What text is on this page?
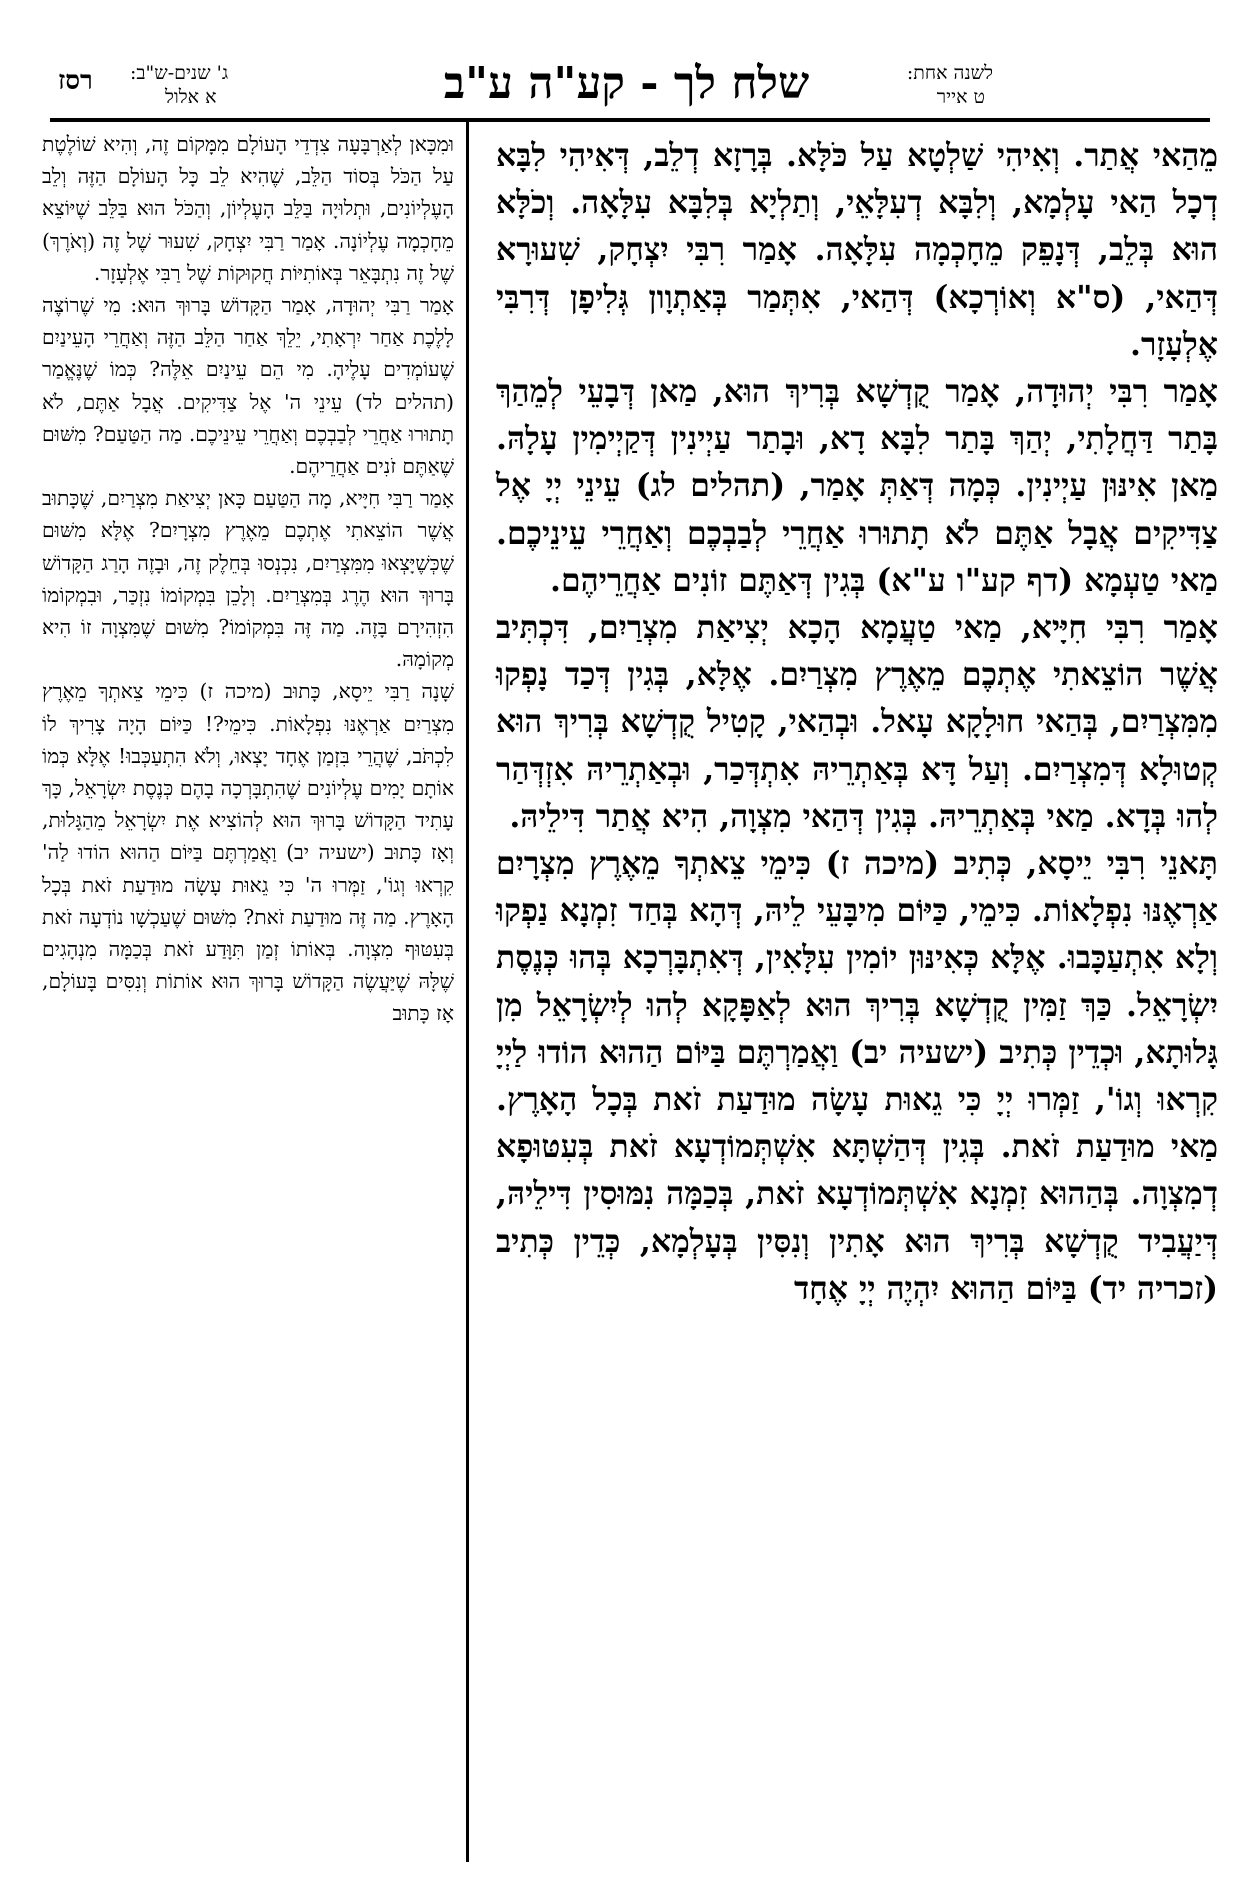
לשנה אחת:
ט אייר
שלח לך - קע"ה ע"ב
ג' שנים-ש"ב:
א אלול
רסז

מֵהַאי אֲתַר. וְאִיהִי שַׁלְטָא עַל כֹּלָּא. בְּרָזָא דְלֵב, דְּאִיהִי לִבָּא דְכָל הַאי עָלְמָא, וְלִבָּא דְעִלָּאֵי, וְתַלְיָא בְּלִבָּא עִלָּאָה. וְכֹלָּא הוּא בְּלֵב, דְּנָפֵק מֵחָכְמָה עִלָּאָה. אָמַר רִבִּי יִצְחָק, שִׁעוּרָא דְּהַאי, (ס"א וְאוֹרְכָא) דְּהַאי, אִתְּמַר בְּאַתְוָון גְּלִיפָן דְּרִבִּי אֶלְעָזָר.

אָמַר רִבִּי יְהוּדָה, אָמַר קֻדְשָׁא בְּרִיךְ הוּא, מַאן דְּבָעֵי לְמֵהַךְ בָּתַר דַּחֲלָתִי, יְהַךְ בָּתַר לִבָּא דָא, וּבָתַר עַיְינִין דְּקַיְימִין עָלָהּ. מַאן אִינּוּן עַיְינִין. כְּמָה דְּאַתְּ אָמַר, (תהלים לג) עֵינֵי יְיָ אֶל צַדִּיקִים אֲבָל אַתֶּם לֹא תָתוּרוּ אַחֲרֵי לְבַבְכֶם וְאַחֲרֵי עֵינֵיכֶם. מַאי טַעְמָא (דף קע"ו ע"א) בְּגִין דְּאַתֶּם זוֹנִים אַחֲרֵיהֶם.

אָמַר רִבִּי חִיָּיא, מַאי טַעֲמָא הָכָא יְצִיאַת מִצְרַיִם, דִּכְתִּיב אֲשֶׁר הוֹצֵאתִי אֶתְכֶם מֵאֶרֶץ מִצְרַיִם. אֶלָּא, בְּגִין דְּכַד נָפְקוּ מִמִּצְרַיִם, בְּהַאי חוּלָקָא עָאל. וּבְהַאי, קָטִיל קֻדְשָׁא בְּרִיךְ הוּא קְטוּלָא דְּמִצְרַיִם. וְעַל דָּא בְּאַתְרֵיהּ אִתְדְּכַר, וּבְאַתְרֵיהּ אִזְדְּהַר לְהוּ בְּדָא. מַאי בְּאַתְרֵיהּ. בְּגִין דְּהַאי מִצְוָה, הִיא אֲתַר דִּילֵיהּ.

תָּאנֵי רִבִּי יֵיסָא, כְּתִיב (מיכה ז) כִּימֵי צֵאתְךָ מֵאֶרֶץ מִצְרָיִם אַרְאֶנּוּ נִפְלָאוֹת. כִּימֵי, כַּיּוֹם מִיבָּעֵי לֵיהּ, דְּהָא בְּחַד זִמְנָא נַפְקוּ וְלָא אִתְעַכָּבוּ. אֶלָּא כְּאִינּוּן יוֹמִין עִלָּאִין, דְּאִתְבָּרְכָא בְּהוּ כְּנֶסֶת יִשְׂרָאֵל. כַּךְ זַמִּין קֻדְשָׁא בְּרִיךְ הוּא לְאַפָּקָא לְהוּ לְיִשְׂרָאֵל מִן גָּלוּתָא, וּכְדֵין כְּתִיב (ישעיה יב) וַאֲמַרְתֶּם בַּיּוֹם הַהוּא הוֹדוּ לַיְיָ קִרְאוּ וְגוֹ', זַמְּרוּ יְיָ כִּי גֵאוּת עָשָׂה מוּדַעַת זֹאת בְּכָל הָאָרֶץ. מַאי מוּדַעַת זֹאת. בְּגִין דְּהַשְׁתָּא אִשְׁתְּמוֹדְעָא זֹאת בְּעִטּוּפָא דְמִצְוָה. בְּהַהוּא זִמְנָא אִשְׁתְּמוֹדְעָא זֹאת, בְּכַמָּה נִמּוּסִין דִּילֵיהּ, דְּיַעֲבִיד קֻדְשָׁא בְּרִיךְ הוּא אָתִין וְנִסִּין בְּעָלְמָא, כְּדֵין כְּתִיב (זכריה יד) בַּיּוֹם הַהוּא יִהְיֶה יְיָ אֶחָד

וּמִכָּאן לְאַרְבָּעָה צִדְדֵי הָעוֹלָם מִמָּקוֹם זֶה, וְהִיא שׁוֹלֶטֶת עַל הַכֹּל בְּסוֹד הַלֵּב, שֶׁהִיא לֵב כָּל הָעוֹלָם הַזֶּה וְלֵב הָעֶלְיוֹנִים, וּתְלוּיָה בַּלֵּב הָעֶלְיוֹן, וְהַכֹּל הוּא בַּלֵּב שֶׁיּוֹצֵא מֵחָכְמָה עֶלְיוֹנָה. אָמַר רַבִּי יִצְחָק, שִׁעוּר שֶׁל זֶה (וְאֹרֶךְ) שֶׁל זֶה נִתְבָּאֵר בְּאוֹתִיּוֹת חֲקוּקוֹת שֶׁל רַבִּי אֶלְעָזָר.

אָמַר רַבִּי יְהוּדָה, אָמַר הַקָּדוֹשׁ בָּרוּךְ הוּא: מִי שֶׁרוֹצֶה לָלֶכֶת אַחַר יִרְאָתִי, יֵלֵךְ אַחַר הַלֵּב הַזֶּה וְאַחֲרֵי הָעֵינַיִם שֶׁעוֹמְדִים עָלֶיהָ. מִי הֵם עֵינַיִם אֵלֶּה? כְּמוֹ שֶׁנֶּאֱמַר (תהלים לד) עֵינֵי ה' אֶל צַדִּיקִים. אֲבָל אַתֶּם, לֹא תָתוּרוּ אַחֲרֵי לְבַבְכֶם וְאַחֲרֵי עֵינֵיכֶם. מַה הַטַּעַם? מִשּׁוּם שֶׁאַתֶּם זֹנִים אַחֲרֵיהֶם.

אָמַר רַבִּי חִיָּיא, מָה הַטַּעַם כָּאן יְצִיאַת מִצְרַיִם, שֶׁכָּתוּב אֲשֶׁר הוֹצֵאתִי אֶתְכֶם מֵאֶרֶץ מִצְרָיִם? אֶלָּא מִשּׁוּם שֶׁכְּשֶׁיָּצְאוּ מִמִּצְרַיִם, נִכְנְסוּ בְּחֵלֶק זֶה, וּבָזֶה הָרַג הַקָּדוֹשׁ בָּרוּךְ הוּא הֶרֶג בְּמִצְרַיִם. וְלָכֵן בִּמְקוֹמוֹ נִזְכַּר, וּבִמְקוֹמוֹ הִזְהִירָם בָּזֶה. מַה זֶּה בִּמְקוֹמוֹ? מִשּׁוּם שֶׁמִּצְוָה זוֹ הִיא מְקוֹמָהּ.

שָׁנָה רַבִּי יֵיסָא, כָּתוּב (מיכה ז) כִּימֵי צֵאתְךָ מֵאֶרֶץ מִצְרַיִם אַרְאֶנּוּ נִפְלָאוֹת. כִּימֵי?! כַּיּוֹם הָיָה צָרִיךְ לוֹ לִכְתֹּב, שֶׁהֲרֵי בִּזְמַן אֶחָד יָצְאוּ, וְלֹא הִתְעַכְּבוּ! אֶלָּא כְּמוֹ אוֹתָם יָמִים עֶלְיוֹנִים שֶׁהִתְבָּרְכָה בָהֶם כְּנֶסֶת יִשְׂרָאֵל, כָּךְ עָתִיד הַקָּדוֹשׁ בָּרוּךְ הוּא לְהוֹצִיא אֶת יִשְׂרָאֵל מֵהַגָּלוּת, וְאָז כָּתוּב (ישעיה יב) וַאֲמַרְתֶּם בַּיּוֹם הַהוּא הוֹדוּ לַה' קִרְאוּ וְגוֹ', זַמְּרוּ ה' כִּי גֵאוּת עָשָׂה מוּדַעַת זֹאת בְּכָל הָאָרֶץ. מַה זֶּה מוּדַעַת זֹאת? מִשּׁוּם שֶׁעַכְשָׁו נוֹדְעָה זֹאת בְּעִטּוּף מִצְוָה. בְּאוֹתוֹ זְמַן תִּוָּדַע זֹאת בְּכַמָּה מִנְהָגִים שֶׁלָּהּ שֶׁיַּעֲשֶׂה הַקָּדוֹשׁ בָּרוּךְ הוּא אוֹתוֹת וְנִסִּים בָּעוֹלָם, אָז כָּתוּב
